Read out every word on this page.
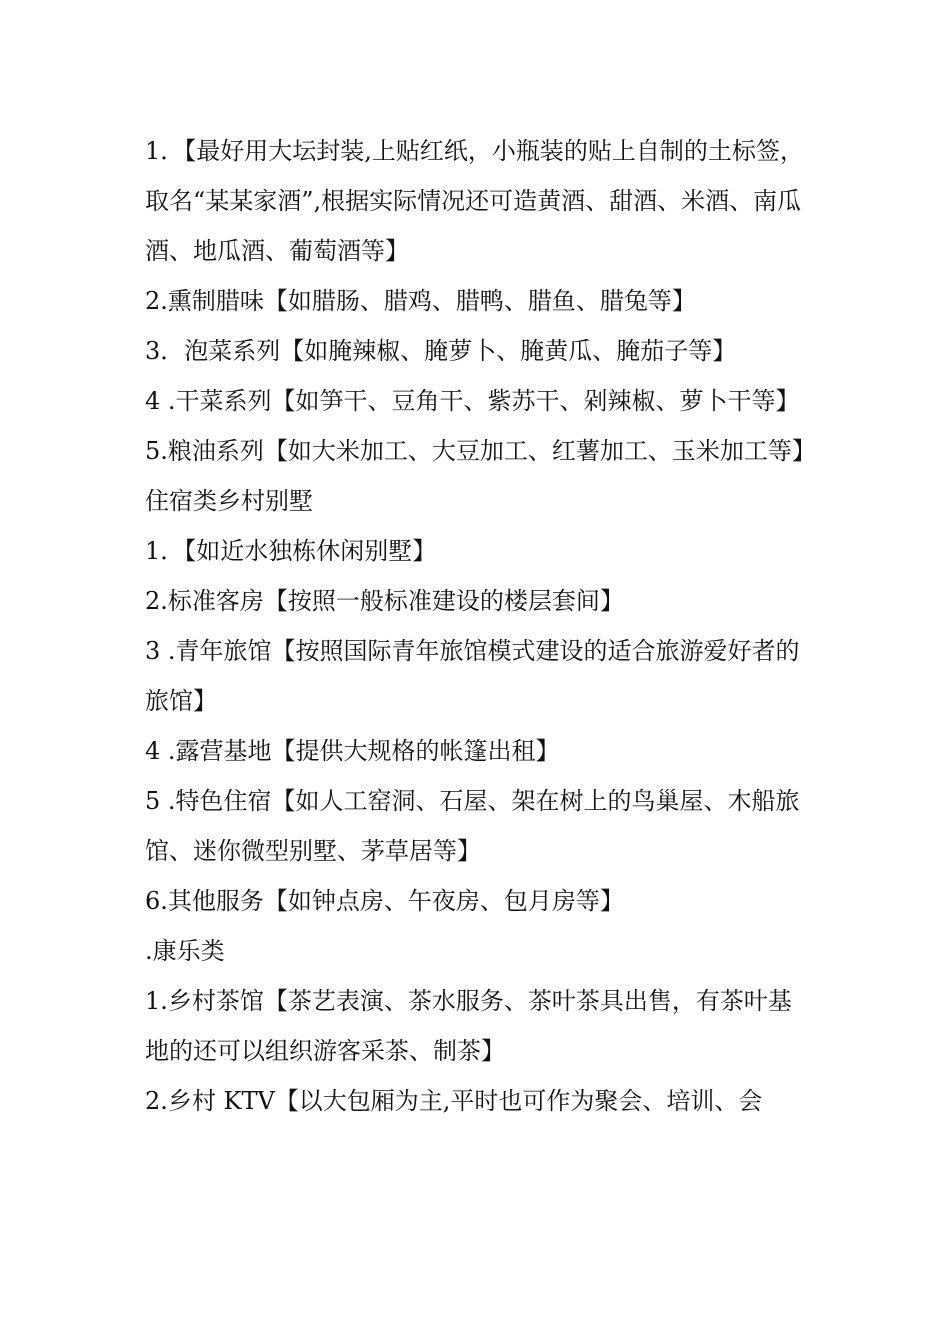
1．【最好用大坛封装,上贴红纸，小瓶装的贴上自制的土标签，取名“某某家酒”,根据实际情况还可造黄酒、甜酒、米酒、南瓜酒、地瓜酒、葡萄酒等】

2.熏制腊味【如腊肠、腊鸡、腊鸭、腊鱼、腊兔等】

3．泡菜系列【如腌辣椒、腌萝卜、腌黄瓜、腌茄子等】

4 .干菜系列【如笋干、豆角干、紫苏干、剁辣椒、萝卜干等】

5.粮油系列【如大米加工、大豆加工、红薯加工、玉米加工等】

住宿类乡村别墅

1．【如近水独栋休闲别墅】

2.标准客房【按照一般标准建设的楼层套间】

3 .青年旅馆【按照国际青年旅馆模式建设的适合旅游爱好者的旅馆】

4 .露营基地【提供大规格的帐篷出租】

5 .特色住宿【如人工窑洞、石屋、架在树上的鸟巢屋、木船旅馆、迷你微型别墅、茅草居等】

6.其他服务【如钟点房、午夜房、包月房等】

.康乐类

1.乡村茶馆【茶艺表演、茶水服务、茶叶茶具出售，有茶叶基地的还可以组织游客采茶、制茶】

2.乡村 KTV【以大包厢为主,平时也可作为聚会、培训、会
